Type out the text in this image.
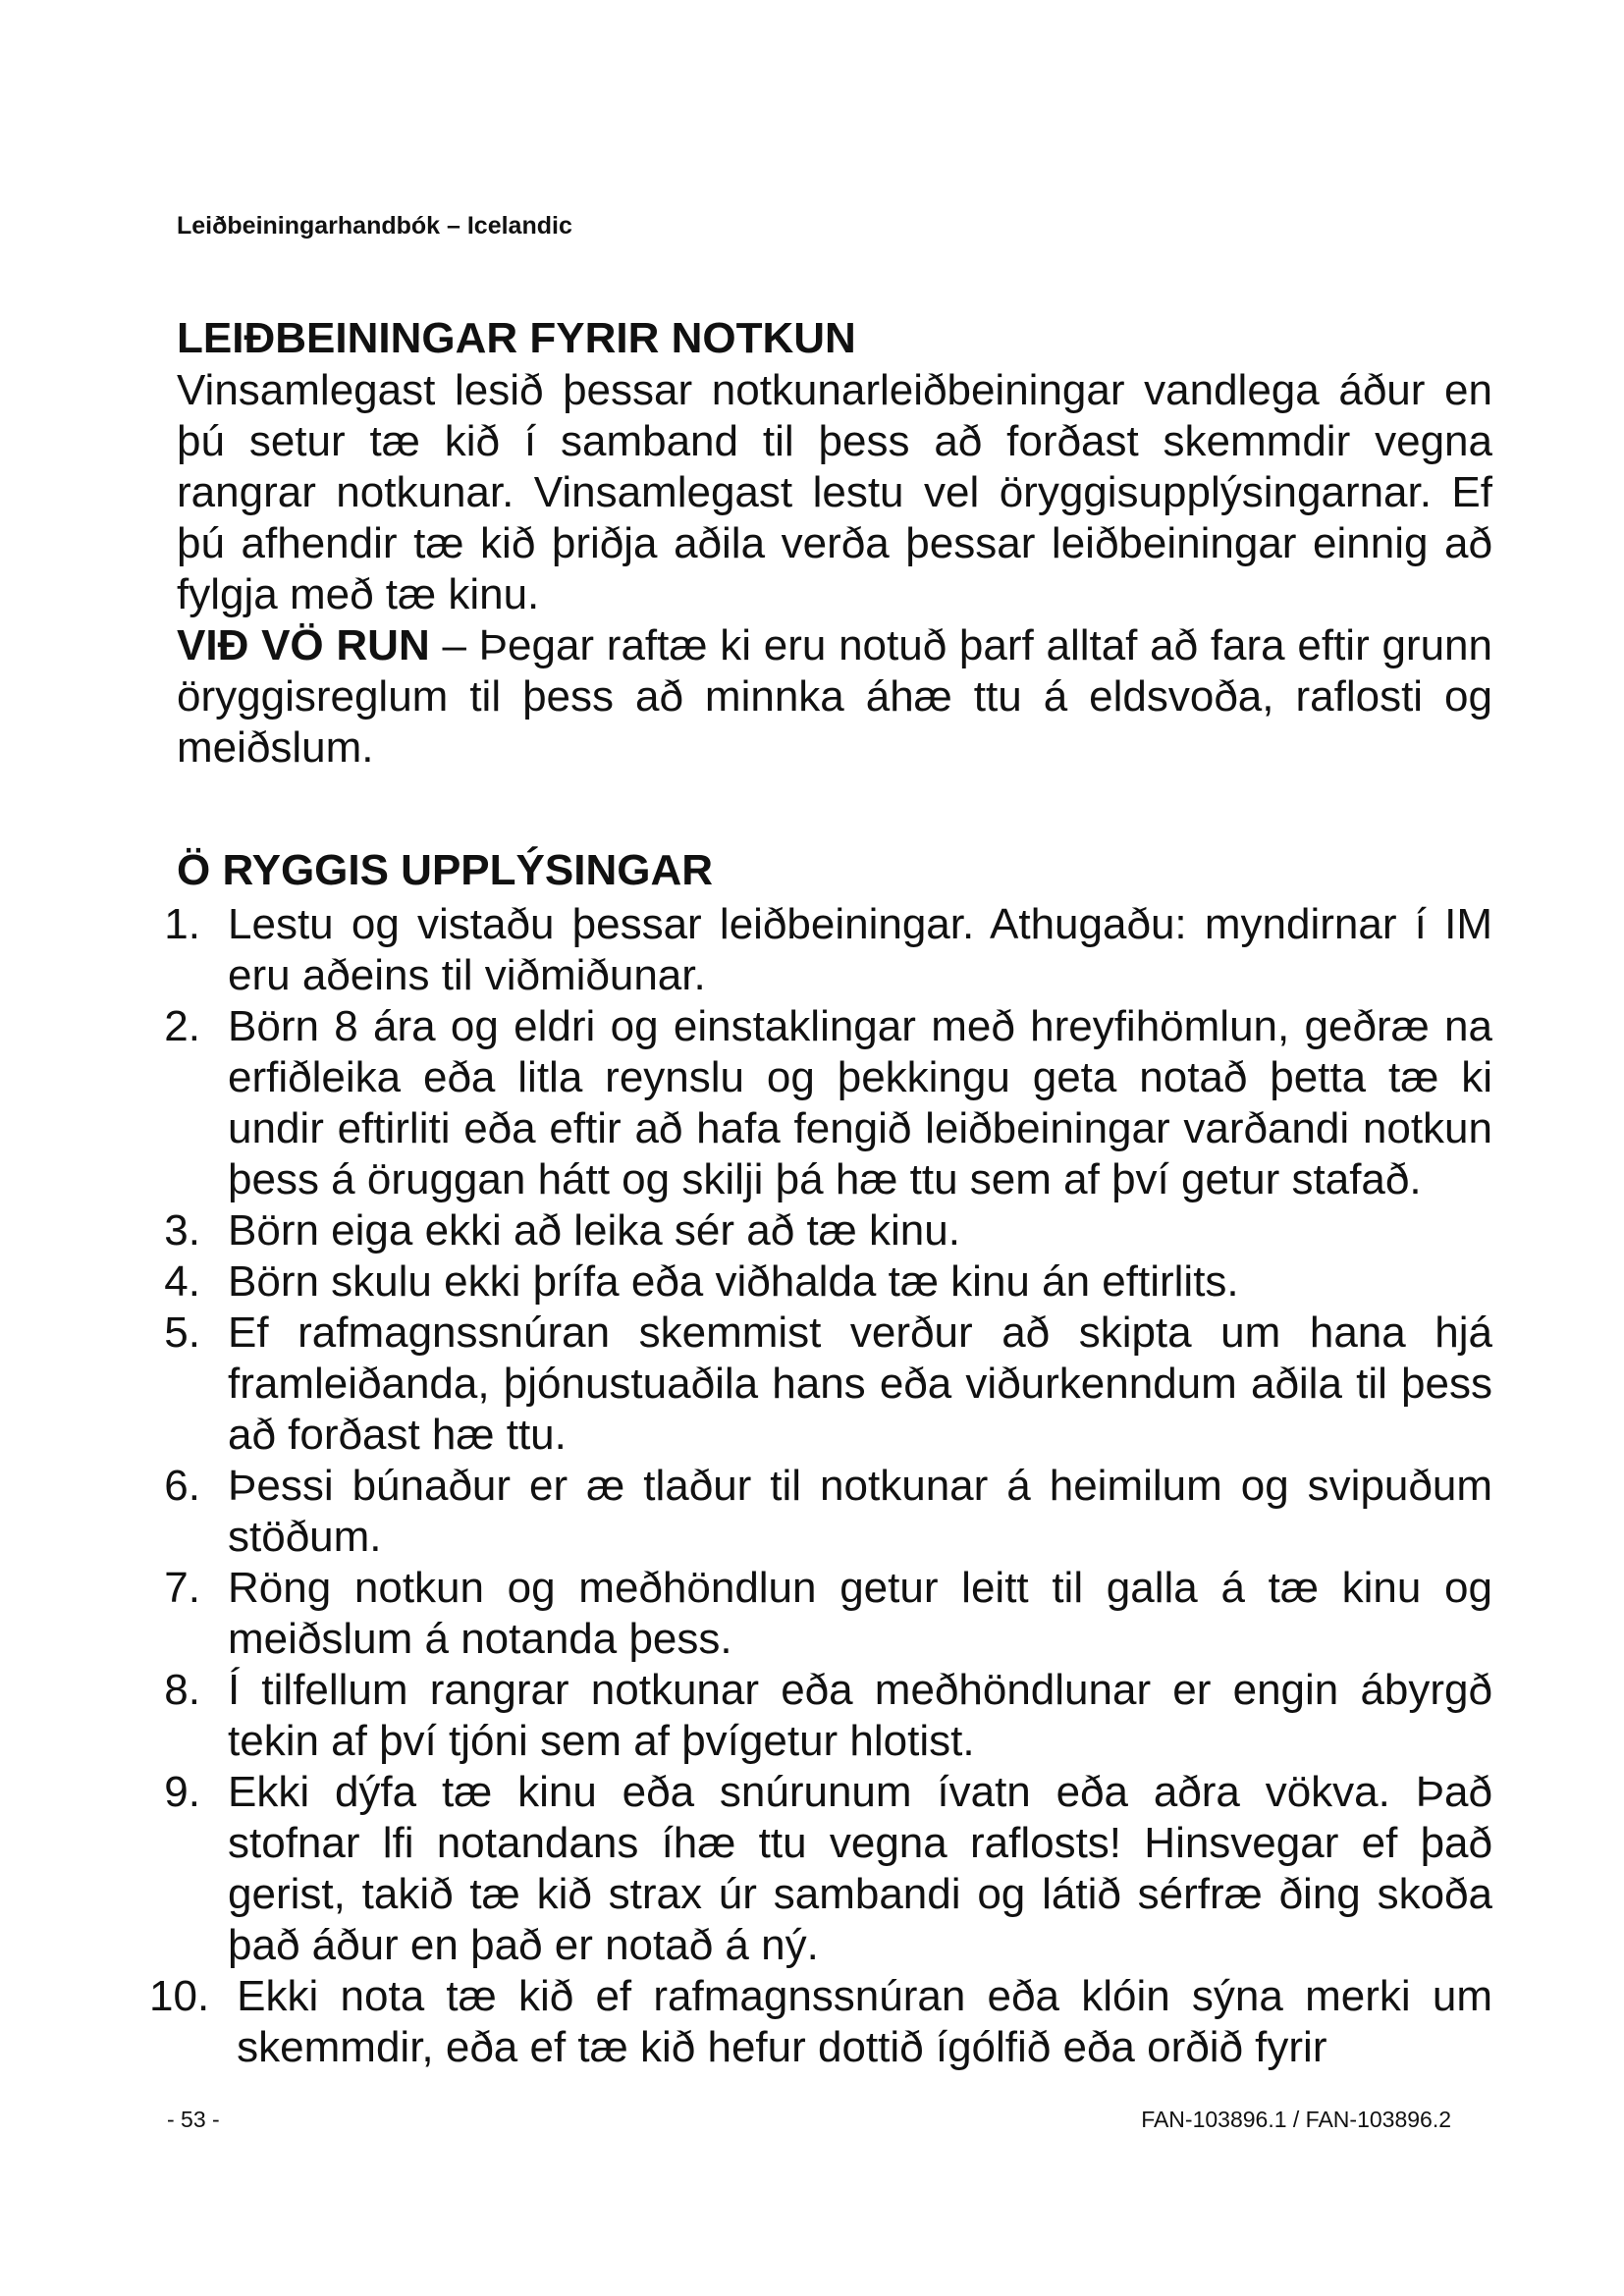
Leiðbeiningarhandbók – Icelandic
LEIÐBEININGAR FYRIR NOTKUN

Vinsamlegast lesið þessar notkunarleiðbeiningar vandlega áður en þú setur tæ kið í samband til þess að forðast skemmdir vegna rangrar notkunar. Vinsamlegast lestu vel öryggisupplýsingarnar. Ef þú afhendir tæ kið þriðja aðila verða þessar leiðbeiningar einnig að fylgja með tæ kinu.
VIÐ VÖ RUN – Þegar raftæ ki eru notuð þarf alltaf að fara eftir grunn öryggisreglum til þess að minnka áhæ ttu á eldsvoða, raflosti og meiðslum.

Ö RYGGIS UPPLÝSINGAR
1. Lestu og vistaðu þessar leiðbeiningar. Athugaðu: myndirnar í IM eru aðeins til viðmiðunar.
2. Börn 8 ára og eldri og einstaklingar með hreyfihömlun, geðræ na erfiðleika eða litla reynslu og þekkingu geta notað þetta tæ ki undir eftirliti eða eftir að hafa fengið leiðbeiningar varðandi notkun þess á öruggan hátt og skilji þá hæ ttu sem af því getur stafað.
3. Börn eiga ekki að leika sér að tæ kinu.
4. Börn skulu ekki þrífa eða viðhalda tæ kinu án eftirlits.
5. Ef rafmagnssnúran skemmist verður að skipta um hana hjá framleiðanda, þjónustuaðila hans eða viðurkenndum aðila til þess að forðast hæ ttu.
6. Þessi búnaður er æ tlaður til notkunar á heimilum og svipuðum stöðum.
7. Röng notkun og meðhöndlun getur leitt til galla á tæ kinu og meiðslum á notanda þess.
8. Í tilfellum rangrar notkunar eða meðhöndlunar er engin ábyrgð tekin af því tjóni sem af þvígetur hlotist.
9. Ekki dýfa tæ kinu eða snúrunum ívatn eða aðra vökva. Það stofnar lfi notandans íhæ ttu vegna raflosts! Hinsvegar ef það gerist, takið tæ kið strax úr sambandi og látið sérfræ ðing skoða það áður en það er notað á ný.
10. Ekki nota tæ kið ef rafmagnssnúran eða klóin sýna merki um skemmdir, eða ef tæ kið hefur dottið ígólfið eða orðið fyrir
- 53 -	FAN-103896.1 / FAN-103896.2
